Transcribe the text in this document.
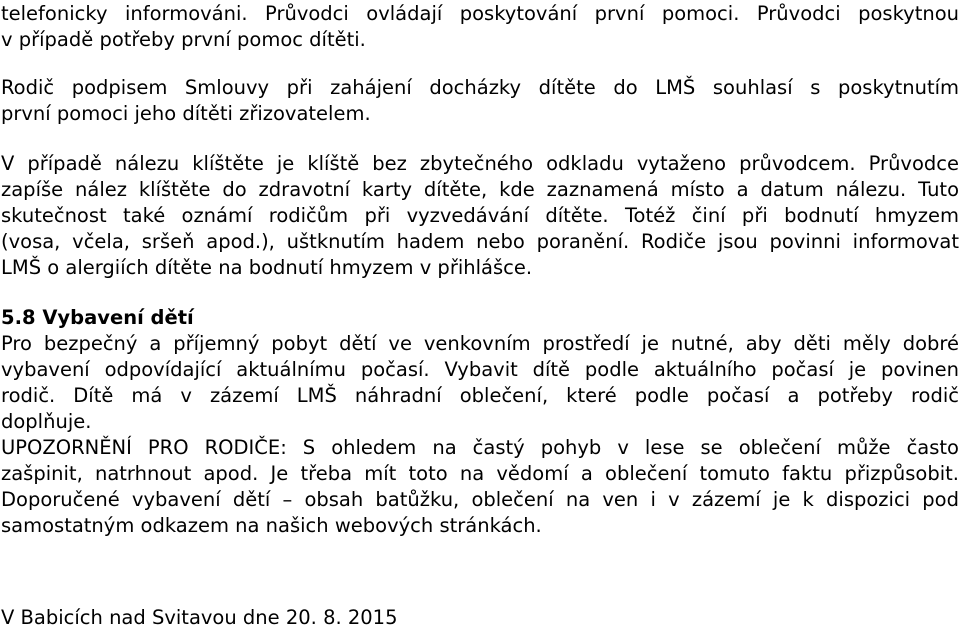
telefonicky informováni. Průvodci ovládají poskytování první pomoci. Průvodci poskytnou
v případě potřeby první pomoc dítěti.
Rodič podpisem Smlouvy při zahájení docházky dítěte do LMŠ souhlasí s poskytnutím
první pomoci jeho dítěti zřizovatelem.
V případě nálezu klíštěte je klíště bez zbytečného odkladu vytaženo průvodcem. Průvodce
zapíše nález klíštěte do zdravotní karty dítěte, kde zaznamená místo a datum nálezu. Tuto
skutečnost také oznámí rodičům při vyzvedávání dítěte. Totéž činí při bodnutí hmyzem
(vosa, včela, sršeň apod.), uštknutím hadem nebo poranění. Rodiče jsou povinni informovat
LMŠ o alergiích dítěte na bodnutí hmyzem v přihlášce.
5.8 Vybavení dětí
Pro bezpečný a příjemný pobyt dětí ve venkovním prostředí je nutné, aby děti měly dobré
vybavení odpovídající aktuálnímu počasí. Vybavit dítě podle aktuálního počasí je povinen
rodič. Dítě má v zázemí LMŠ náhradní oblečení, které podle počasí a potřeby rodič
doplňuje.
UPOZORNĚNÍ PRO RODIČE: S ohledem na častý pohyb v lese se oblečení může často
zašpinit, natrhnout apod. Je třeba mít toto na vědomí a oblečení tomuto faktu přizpůsobit.
Doporučené vybavení dětí – obsah batůžku, oblečení na ven i v zázemí je k dispozici pod
samostatným odkazem na našich webových stránkách.
V Babicích nad Svitavou dne 20. 8. 2015
